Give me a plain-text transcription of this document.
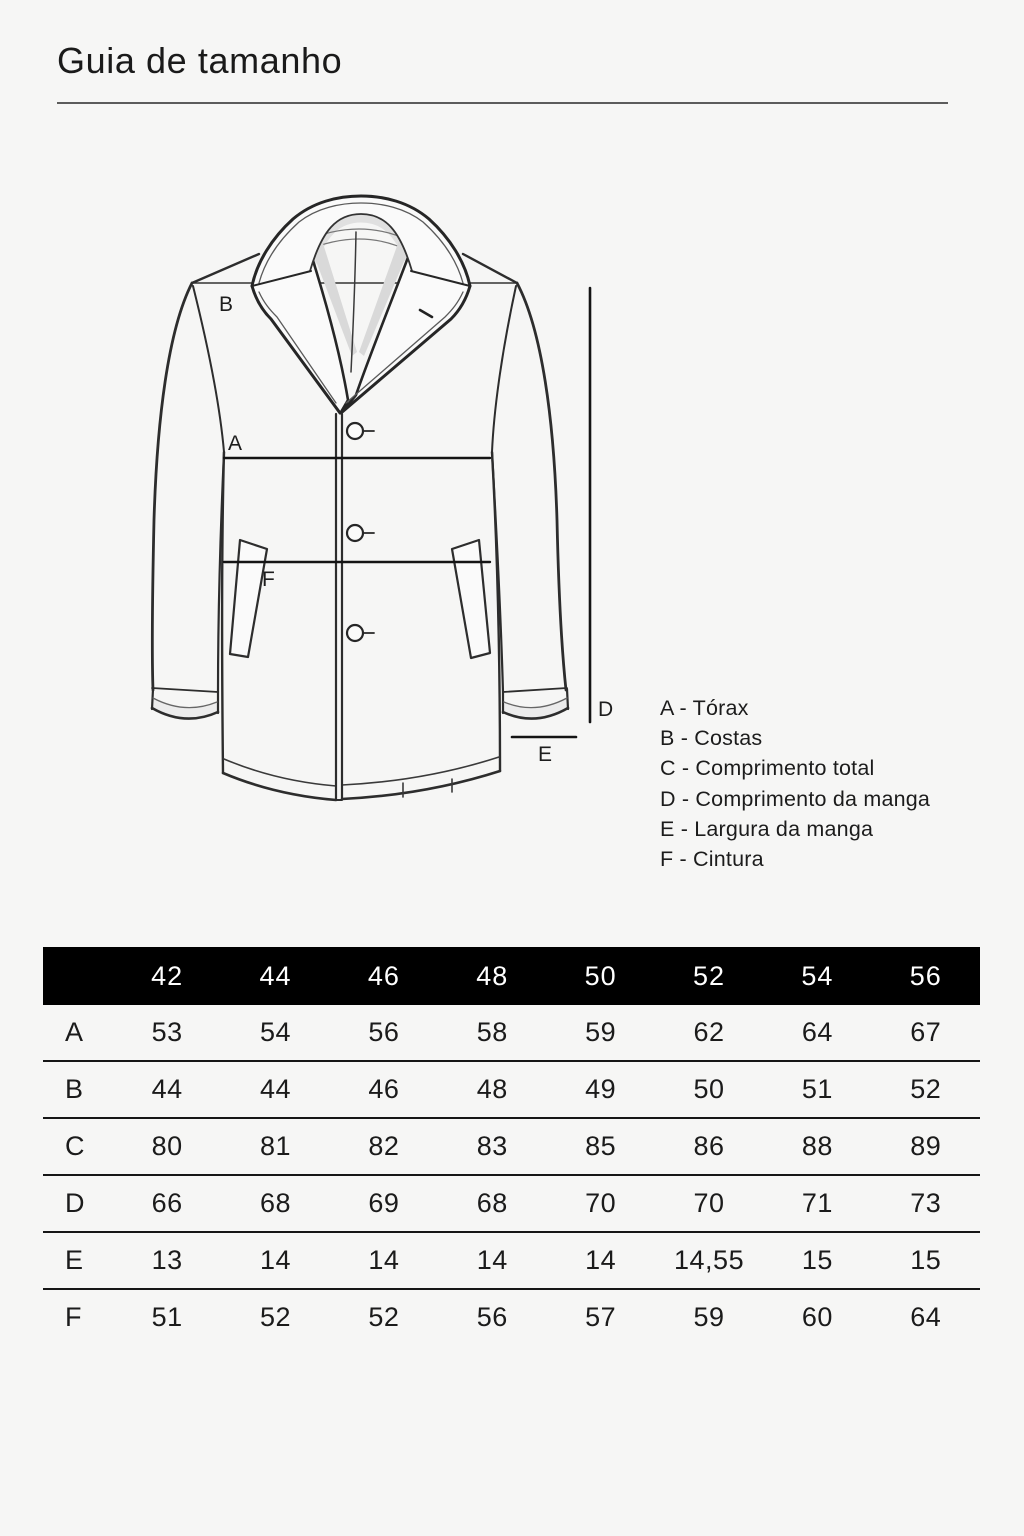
Guia de tamanho
B
A
F
D
E
A - Tórax
B - Costas
C - Comprimento total
D - Comprimento da manga
E - Largura da manga
F - Cintura
	42	44	46	48	50	52	54	56
A	53	54	56	58	59	62	64	67
B	44	44	46	48	49	50	51	52
C	80	81	82	83	85	86	88	89
D	66	68	69	68	70	70	71	73
E	13	14	14	14	14	14,55	15	15
F	51	52	52	56	57	59	60	64
